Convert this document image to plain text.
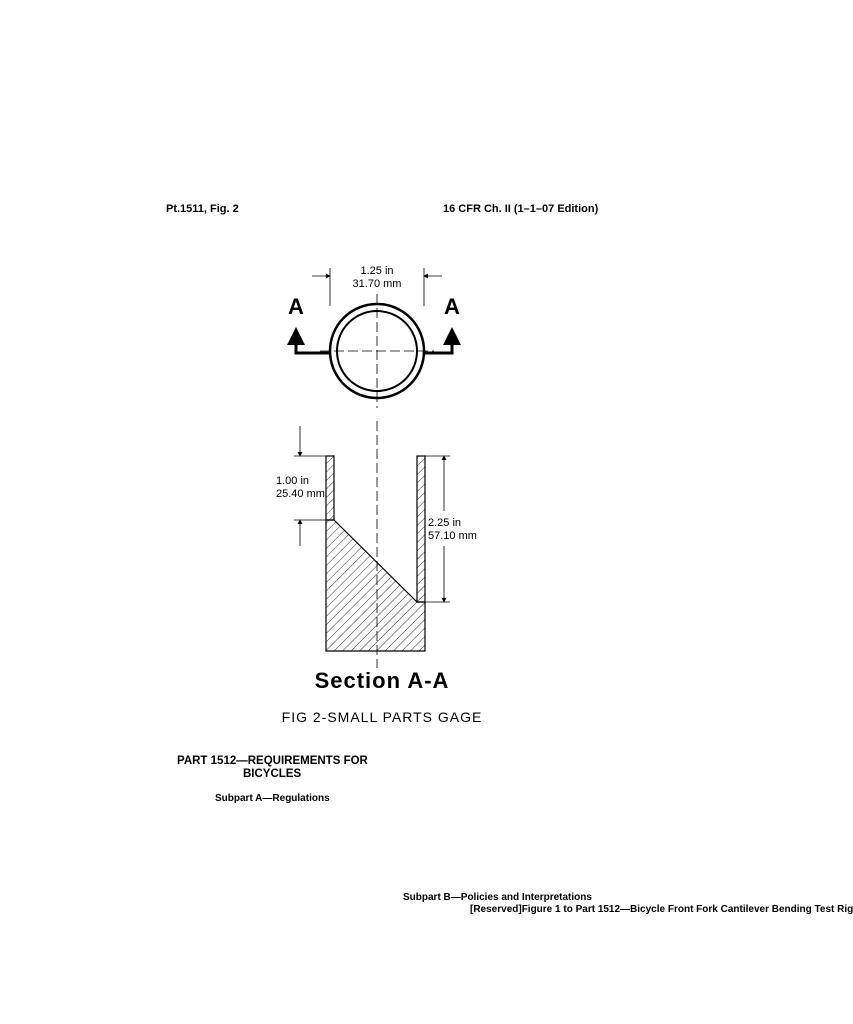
Pt.1511, Fig. 2	16 CFR Ch. II (1–1–07 Edition)
1.25 in
31.70 mm
A	A
1.00 in
25.40 mm
2.25 in
57.10 mm
Section A-A
FIG 2-SMALL PARTS GAGE
PART 1512—REQUIREMENTS FOR
BICYCLES
Subpart A—Regulations
Subpart B—Policies and Interpretations
[Reserved]Figure 1 to Part 1512—Bicycle Front Fork Cantilever Bending Test Rig
